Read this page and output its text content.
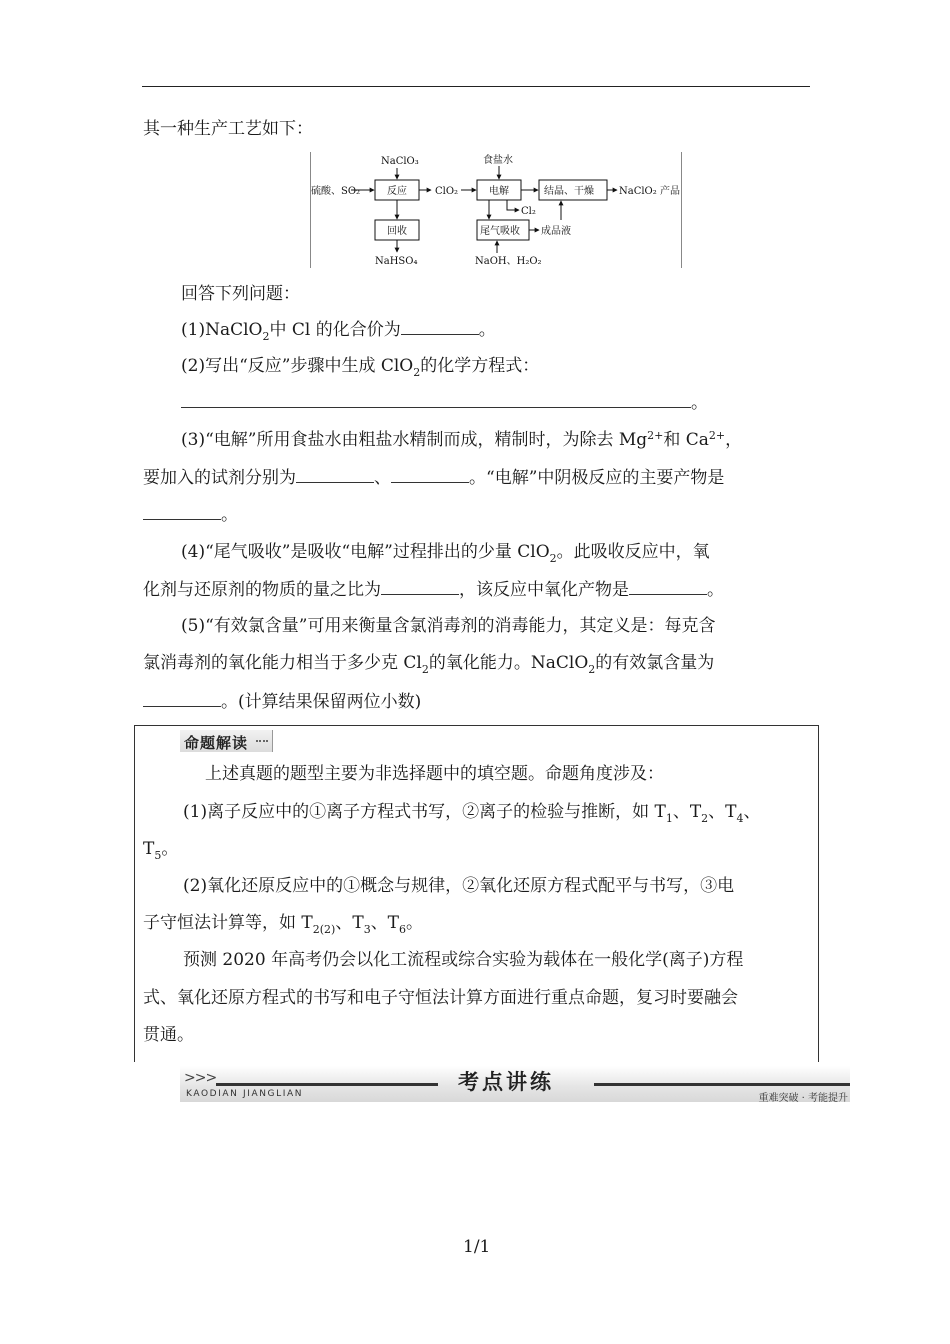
其一种生产工艺如下：
NaClO₃	食盐水
硫酸、SO₂	反应	ClO₂	电解	结晶、干燥	NaClO₂ 产品
回收
Cl₂
尾气吸收 成品液
NaHSO₄	NaOH、H₂O₂
回答下列问题：
(1)NaClO$_2$中 Cl 的化合价为	。
(2)写出“反应”步骤中生成 ClO$_2$的化学方程式：
。
(3)“电解”所用食盐水由粗盐水精制而成，精制时，为除去 $Mg^{2+}$和 $Ca^{2+}$，
要加入的试剂分别为	、	。“电解”中阴极反应的主要产物是
。
(4)“尾气吸收”是吸收“电解”过程排出的少量 ClO$_2$。此吸收反应中，氧
化剂与还原剂的物质的量之比为	，该反应中氧化产物是	。
(5)“有效氯含量”可用来衡量含氯消毒剂的消毒能力，其定义是：每克含
氯消毒剂的氧化能力相当于多少克 $Cl_2$的氧化能力。NaClO$_2$的有效氯含量为
。(计算结果保留两位小数)
命题解读
上述真题的题型主要为非选择题中的填空题。命题角度涉及：
(1)离子反应中的①离子方程式书写，②离子的检验与推断，如 $T_1$、$T_2$、$T_4$、
$T_5$。
(2)氧化还原反应中的①概念与规律，②氧化还原方程式配平与书写，③电
子守恒法计算等，如 $T_{2(2)}$、$T_3$、$T_6$。
预测 2020 年高考仍会以化工流程或综合实验为载体在一般化学(离子)方程
式、氧化还原方程式的书写和电子守恒法计算方面进行重点命题，复习时要融会
贯通。
>>>	考点讲练
KAODIAN JIANGLIAN	重难突破 · 考能提升
1/1
